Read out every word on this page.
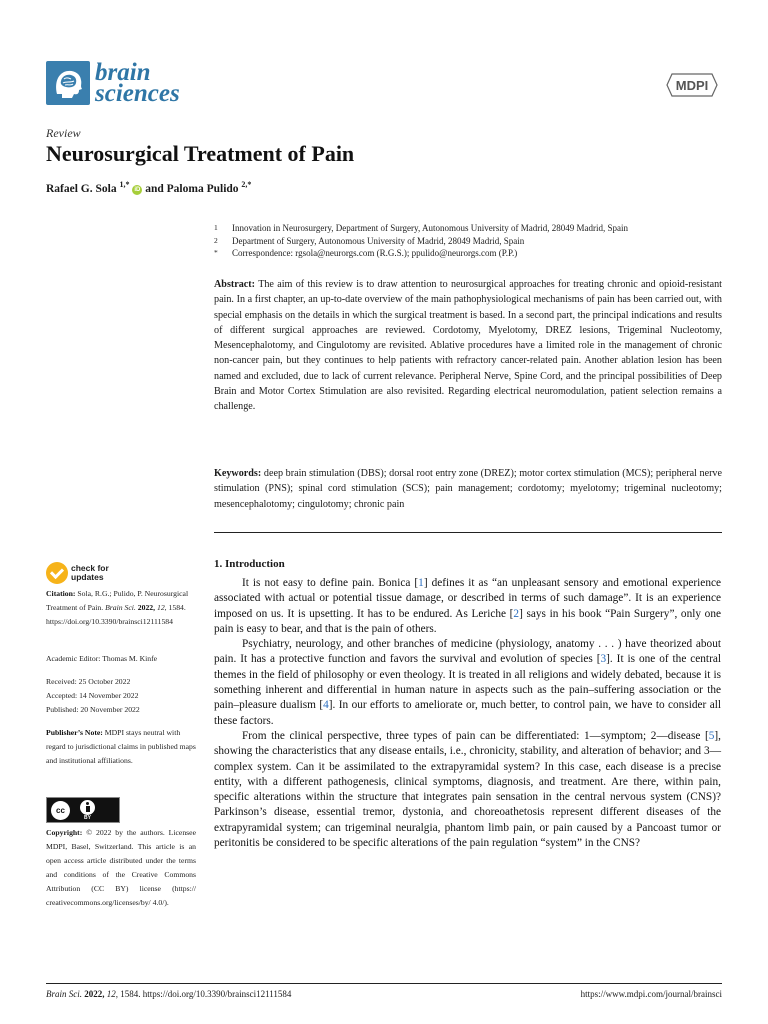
brain
sciences	MDPI
Review
Neurosurgical Treatment of Pain
Rafael G. Sola $^{1,*}$ iD and Paloma Pulido $^{2,*}$
1	Innovation in Neurosurgery, Department of Surgery, Autonomous University of Madrid, 28049 Madrid, Spain
2	Department of Surgery, Autonomous University of Madrid, 28049 Madrid, Spain
*	Correspondence: rgsola@neurorgs.com (R.G.S.); ppulido@neurorgs.com (P.P.)
Abstract: The aim of this review is to draw attention to neurosurgical approaches for treating chronic and opioid-resistant pain. In a first chapter, an up-to-date overview of the main pathophysiological mechanisms of pain has been carried out, with special emphasis on the details in which the surgical treatment is based. In a second part, the principal indications and results of different surgical approaches are reviewed. Cordotomy, Myelotomy, DREZ lesions, Trigeminal Nucleotomy, Mesencephalotomy, and Cingulotomy are revisited. Ablative procedures have a limited role in the management of chronic non-cancer pain, but they continues to help patients with refractory cancer-related pain. Another ablation lesion has been named and excluded, due to lack of current relevance. Peripheral Nerve, Spine Cord, and the principal possibilities of Deep Brain and Motor Cortex Stimulation are also revisited. Regarding electrical neuromodulation, patient selection remains a challenge.
Keywords: deep brain stimulation (DBS); dorsal root entry zone (DREZ); motor cortex stimulation (MCS); peripheral nerve stimulation (PNS); spinal cord stimulation (SCS); pain management; cordotomy; myelotomy; trigeminal nucleotomy; mesencephalotomy; cingulotomy; chronic pain
check for
updates
Citation: Sola, R.G.; Pulido, P. Neurosurgical Treatment of Pain. Brain Sci. 2022, 12, 1584. https://doi.org/10.3390/brainsci12111584
Academic Editor: Thomas M. Kinfe
Received: 25 October 2022
Accepted: 14 November 2022
Published: 20 November 2022
Publisher’s Note: MDPI stays neutral with regard to jurisdictional claims in published maps and institutional affiliations.
cc
BY
Copyright: © 2022 by the authors. Licensee MDPI, Basel, Switzerland. This article is an open access article distributed under the terms and conditions of the Creative Commons Attribution (CC BY) license (https:// creativecommons.org/licenses/by/ 4.0/).
1. Introduction

It is not easy to define pain. Bonica [1] defines it as “an unpleasant sensory and emotional experience associated with actual or potential tissue damage, or described in terms of such damage”. It is an experience imposed on us. It is upsetting. It has to be endured. As Leriche [2] says in his book “Pain Surgery”, only one pain is easy to bear, and that is the pain of others.

Psychiatry, neurology, and other branches of medicine (physiology, anatomy . . . ) have theorized about pain. It has a protective function and favors the survival and evolution of species [3]. It is one of the central themes in the field of philosophy or even theology. It is treated in all religions and widely debated, because it is something inherent and differential in human nature in aspects such as the pain–suffering association or the pain–pleasure dualism [4]. In our efforts to ameliorate or, much better, to control pain, we have to consider all these factors.

From the clinical perspective, three types of pain can be differentiated: 1—symptom; 2—disease [5], showing the characteristics that any disease entails, i.e., chronicity, stability, and alteration of behavior; and 3—complex system. Can it be assimilated to the extrapyramidal system? In this case, each disease is a precise entity, with a different pathogenesis, clinical symptoms, diagnosis, and treatment. Are there, within pain, specific alterations within the structure that integrates pain sensation in the central nervous system (CNS)? Parkinson’s disease, essential tremor, dystonia, and choreoathetosis represent different diseases of the extrapyramidal system; can trigeminal neuralgia, phantom limb pain, or pain caused by a Pancoast tumor or peritonitis be considered to be specific alterations of the pain regulation “system” in the CNS?

Brain Sci. 2022, 12, 1584. https://doi.org/10.3390/brainsci12111584	https://www.mdpi.com/journal/brainsci
